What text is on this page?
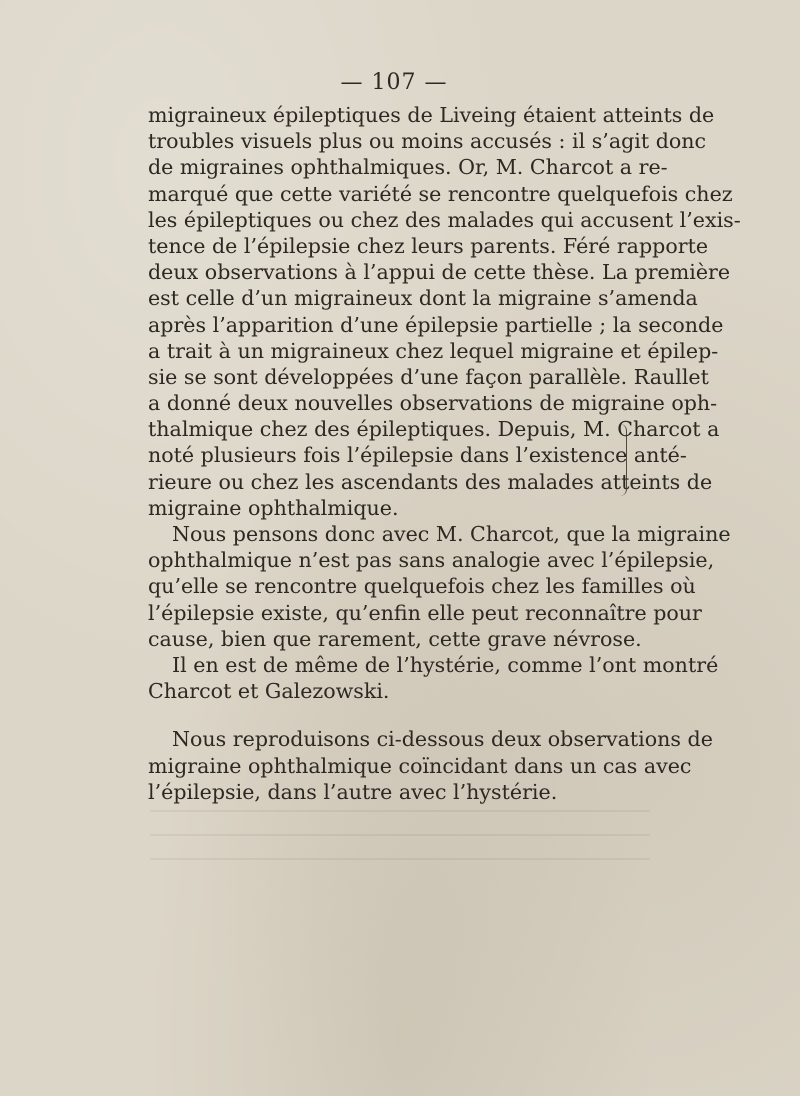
— 107 —
migraineux épileptiques de Liveing étaient atteints de
troubles visuels plus ou moins accusés : il s’agit donc
de migraines ophthalmiques. Or, M. Charcot a re-
marqué que cette variété se rencontre quelquefois chez
les épileptiques ou chez des malades qui accusent l’exis-
tence de l’épilepsie chez leurs parents. Féré rapporte
deux observations à l’appui de cette thèse. La première
est celle d’un migraineux dont la migraine s’amenda
après l’apparition d’une épilepsie partielle ; la seconde
a trait à un migraineux chez lequel migraine et épilep-
sie se sont développées d’une façon parallèle. Raullet
a donné deux nouvelles observations de migraine oph-
thalmique chez des épileptiques. Depuis, M. Charcot a
noté plusieurs fois l’épilepsie dans l’existence anté-
rieure ou chez les ascendants des malades atteints de
migraine ophthalmique.
Nous pensons donc avec M. Charcot, que la migraine
ophthalmique n’est pas sans analogie avec l’épilepsie,
qu’elle se rencontre quelquefois chez les familles où
l’épilepsie existe, qu’enfin elle peut reconnaître pour
cause, bien que rarement, cette grave névrose.
Il en est de même de l’hystérie, comme l’ont montré
Charcot et Galezowski.
Nous reproduisons ci-dessous deux observations de
migraine ophthalmique coïncidant dans un cas avec
l’épilepsie, dans l’autre avec l’hystérie.
